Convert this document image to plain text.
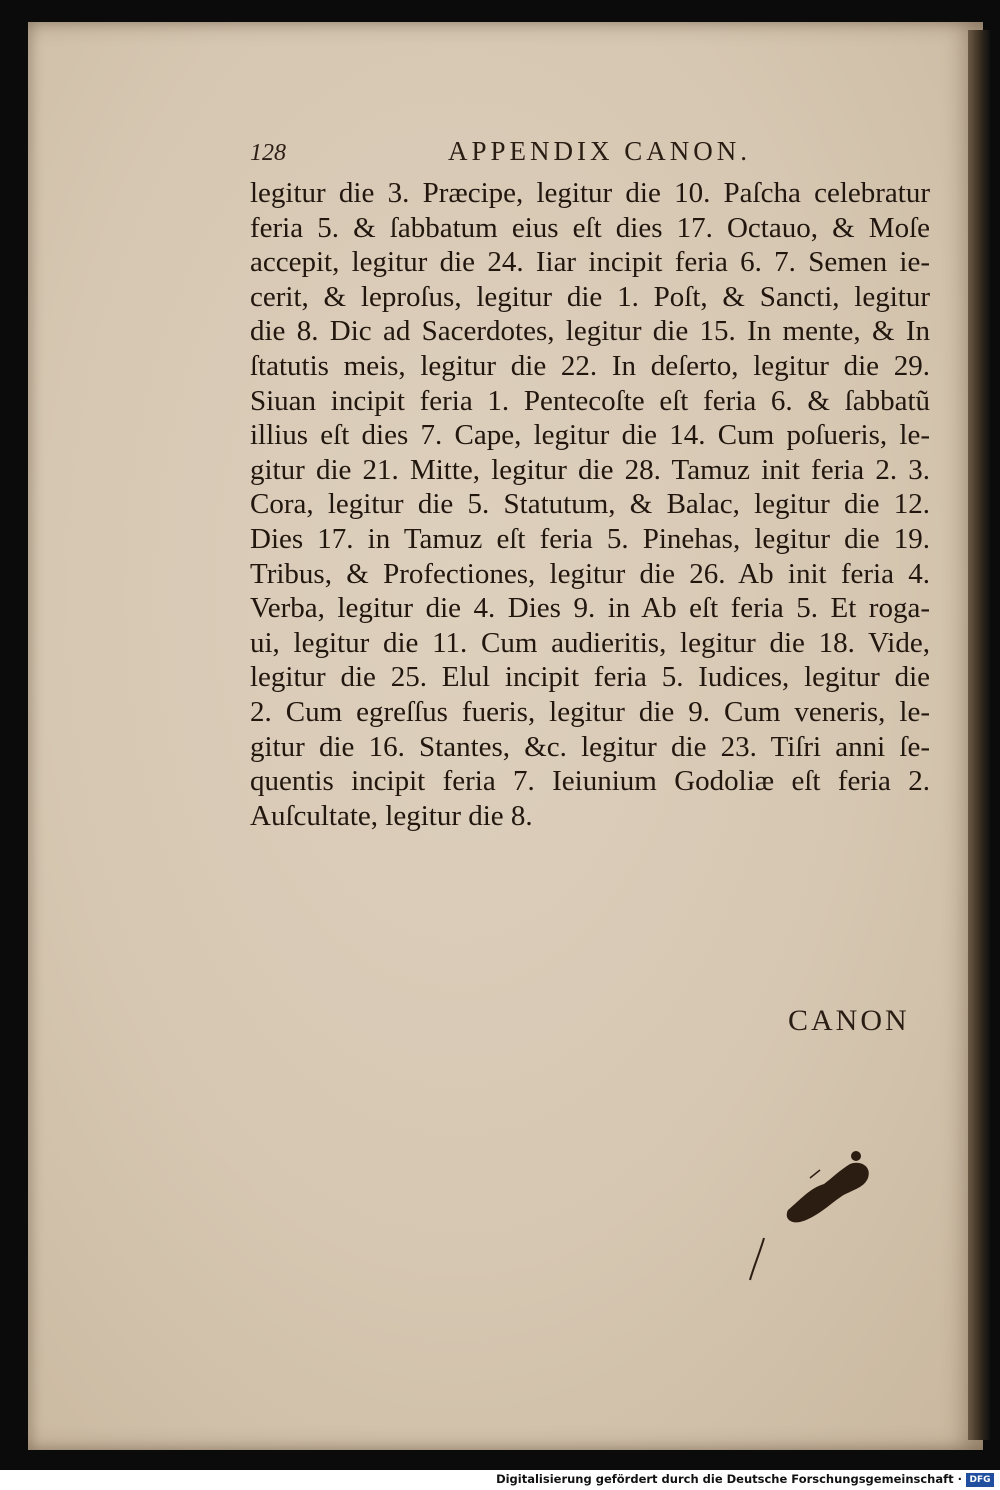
128	APPENDIX CANON.
legitur die 3. Præcipe, legitur die 10. Paſcha celebratur
feria 5. & ſabbatum eius eſt dies 17. Octauo, & Moſe
accepit, legitur die 24. Iiar incipit feria 6. 7. Semen ie-
cerit, & leproſus, legitur die 1. Poſt, & Sancti, legitur
die 8. Dic ad Sacerdotes, legitur die 15. In mente, & In
ſtatutis meis, legitur die 22. In deſerto, legitur die 29.
Siuan incipit feria 1. Pentecoſte eſt feria 6. & ſabbatũ
illius eſt dies 7. Cape, legitur die 14. Cum poſueris, le-
gitur die 21. Mitte, legitur die 28. Tamuz init feria 2. 3.
Cora, legitur die 5. Statutum, & Balac, legitur die 12.
Dies 17. in Tamuz eſt feria 5. Pinehas, legitur die 19.
Tribus, & Profectiones, legitur die 26. Ab init feria 4.
Verba, legitur die 4. Dies 9. in Ab eſt feria 5. Et roga-
ui, legitur die 11. Cum audieritis, legitur die 18. Vide,
legitur die 25. Elul incipit feria 5. Iudices, legitur die
2. Cum egreſſus fueris, legitur die 9. Cum veneris, le-
gitur die 16. Stantes, &c. legitur die 23. Tiſri anni ſe-
quentis incipit feria 7. Ieiunium Godoliæ eſt feria 2.
Auſcultate, legitur die 8.
CANON
Digitalisierung gefördert durch die Deutsche Forschungsgemeinschaft · DFG
